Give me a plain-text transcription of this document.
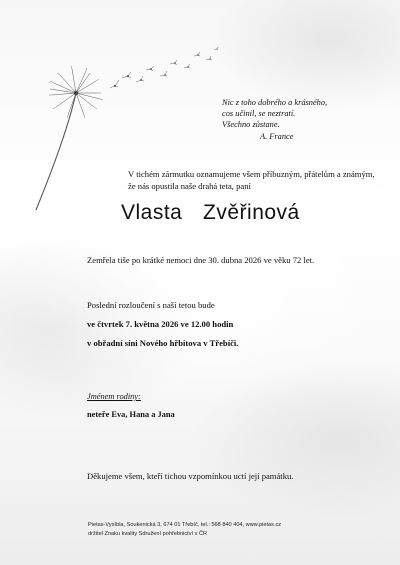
Nic z toho dobrého a krásného,
cos učinil, se neztratí.
Všechno zůstane.
A. France
V tichém zármutku oznamujeme všem příbuzným, přátelům a známým, že nás opustila naše drahá teta, paní
Vlasta  Zvěřinová
Zemřela tiše po krátké nemoci dne 30. dubna 2026 ve věku 72 let.
Poslední rozloučení s naší tetou bude
ve čtvrtek 7. května 2026 ve 12.00 hodin
v obřadní síni Nového hřbitova v Třebíči.
Jménem rodiny:
neteře Eva, Hana a Jana
Děkujeme všem, kteří tichou vzpomínkou uctí její památku.
Pietas-Vysíbla, Soukenická 3, 674 01 Třebíč, tel.: 568 840 404, www.pietas.cz
držitel Znaku kvality Sdružení pohřebnictví v ČR
